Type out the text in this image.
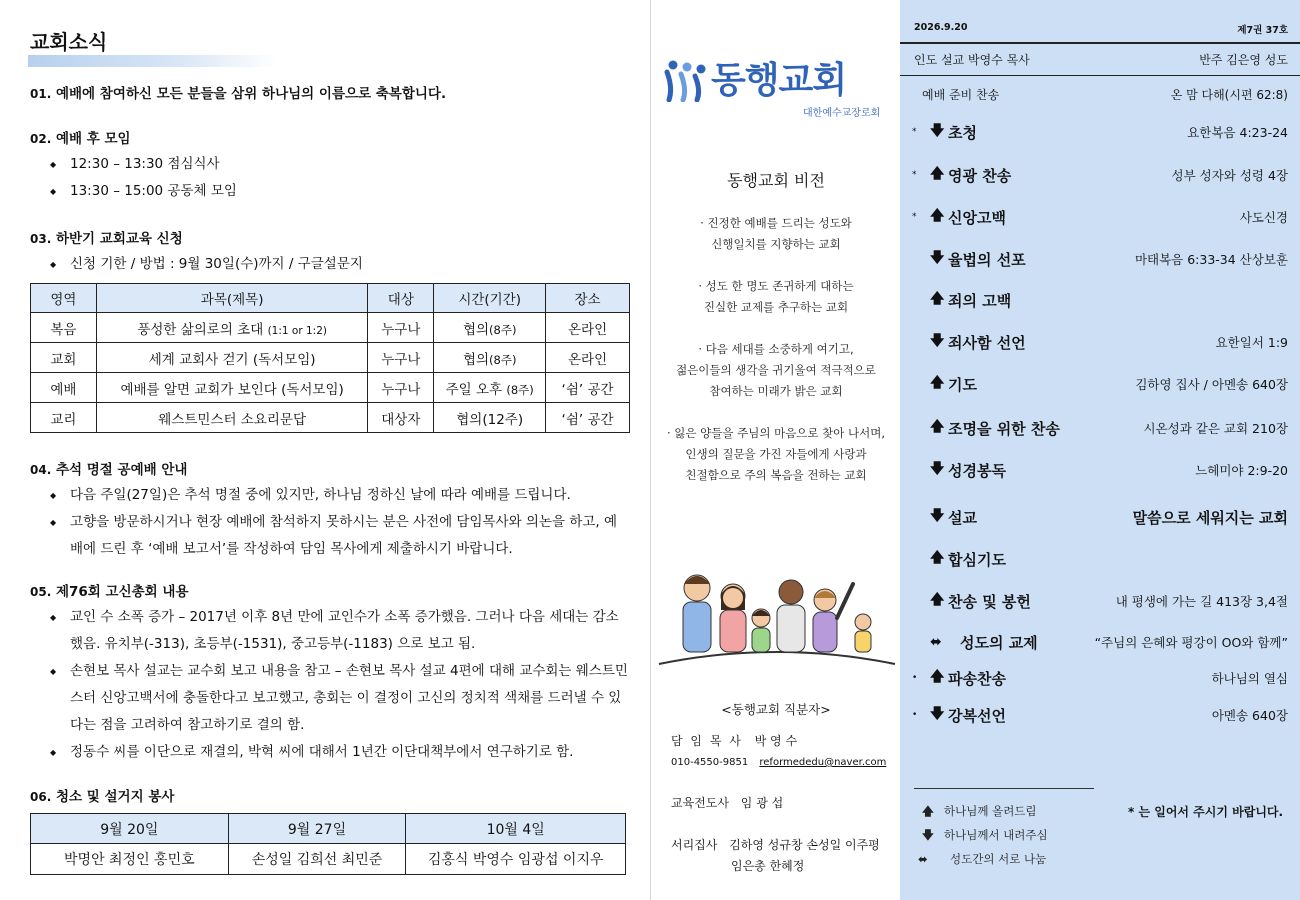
교회소식
01. 예배에 참여하신 모든 분들을 삼위 하나님의 이름으로 축복합니다.
02. 예배 후 모임
◆ 12:30 – 13:30 점심식사
◆ 13:30 – 15:00 공동체 모임
03. 하반기 교회교육 신청
◆ 신청 기한 / 방법 : 9월 30일(수)까지 / 구글설문지
영역	과목(제목)	대상	시간(기간)	장소
복음	풍성한 삶의로의 초대 (1:1 or 1:2)	누구나	협의(8주)	온라인
교회	세계 교회사 걷기 (독서모임)	누구나	협의(8주)	온라인
예배	예배를 알면 교회가 보인다 (독서모임)	누구나	주일 오후 (8주)	‘쉼’ 공간
교리	웨스트민스터 소요리문답	대상자	협의(12주)	‘쉼’ 공간
04. 추석 명절 공예배 안내
◆ 다음 주일(27일)은 추석 명절 중에 있지만, 하나님 정하신 날에 따라 예배를 드립니다.
◆ 고향을 방문하시거나 현장 예배에 참석하지 못하시는 분은 사전에 담임목사와 의논을 하고, 예배에 드린 후 ‘예배 보고서’를 작성하여 담임 목사에게 제출하시기 바랍니다.
05. 제76회 고신총회 내용
◆ 교인 수 소폭 증가 – 2017년 이후 8년 만에 교인수가 소폭 증가했음. 그러나 다음 세대는 감소했음. 유치부(-313), 초등부(-1531), 중고등부(-1183) 으로 보고 됨.
◆ 손현보 목사 설교는 교수회 보고 내용을 참고 – 손현보 목사 설교 4편에 대해 교수회는 웨스트민스터 신앙고백서에 충돌한다고 보고했고, 총회는 이 결정이 고신의 정치적 색채를 드러낼 수 있다는 점을 고려하여 참고하기로 결의 함.
◆ 정동수 씨를 이단으로 재결의, 박혁 씨에 대해서 1년간 이단대책부에서 연구하기로 함.
06. 청소 및 설거지 봉사
9월 20일	9월 27일	10월 4일
박명안 최정인 홍민호	손성일 김희선 최민준	김홍식 박영수 임광섭 이지우
동행교회
대한예수교장로회
동행교회 비전
· 진정한 예배를 드리는 성도와
신행일치를 지향하는 교회
· 성도 한 명도 존귀하게 대하는
진실한 교제를 추구하는 교회
· 다음 세대를 소중하게 여기고,
젊은이들의 생각을 귀기울여 적극적으로
참여하는 미래가 밝은 교회
· 잃은 양들을 주님의 마음으로 찾아 나서며,
인생의 질문을 가진 자들에게 사랑과
친절함으로 주의 복음을 전하는 교회
<동행교회 직분자>
담 임 목 사 박 영 수
010-4550-9851 reformededu@naver.com
교육전도사 임 광 섭
서리집사 김하영 성규창 손성일 이주평
임은총 한혜정
2026.9.20	제7권 37호
인도 설교 박영수 목사	반주 김은영 성도
예배 준비 찬송	온 맘 다해(시편 62:8)
* 🡇 초청	요한복음 4:23-24
* 🡅 영광 찬송	성부 성자와 성령 4장
* 🡅 신앙고백	사도신경
🡇 율법의 선포	마태복음 6:33-34 산상보훈
🡅 죄의 고백
🡇 죄사함 선언	요한일서 1:9
🡅 기도	김하영 집사 / 아멘송 640장
🡅 조명을 위한 찬송	시온성과 같은 교회 210장
🡇 성경봉독	느헤미야 2:9-20
🡇 설교	말씀으로 세워지는 교회
🡅 합심기도
🡅 찬송 및 봉헌	내 평생에 가는 길 413장 3,4절
⬌	성도의 교제	“주님의 은혜와 평강이 OO와 함께”
• 🡅 파송찬송	하나님의 열심
• 🡇 강복선언	아멘송 640장
🡅 하나님께 올려드림
🡇 하나님께서 내려주심
⬌ 성도간의 서로 나눔
* 는 일어서 주시기 바랍니다.
